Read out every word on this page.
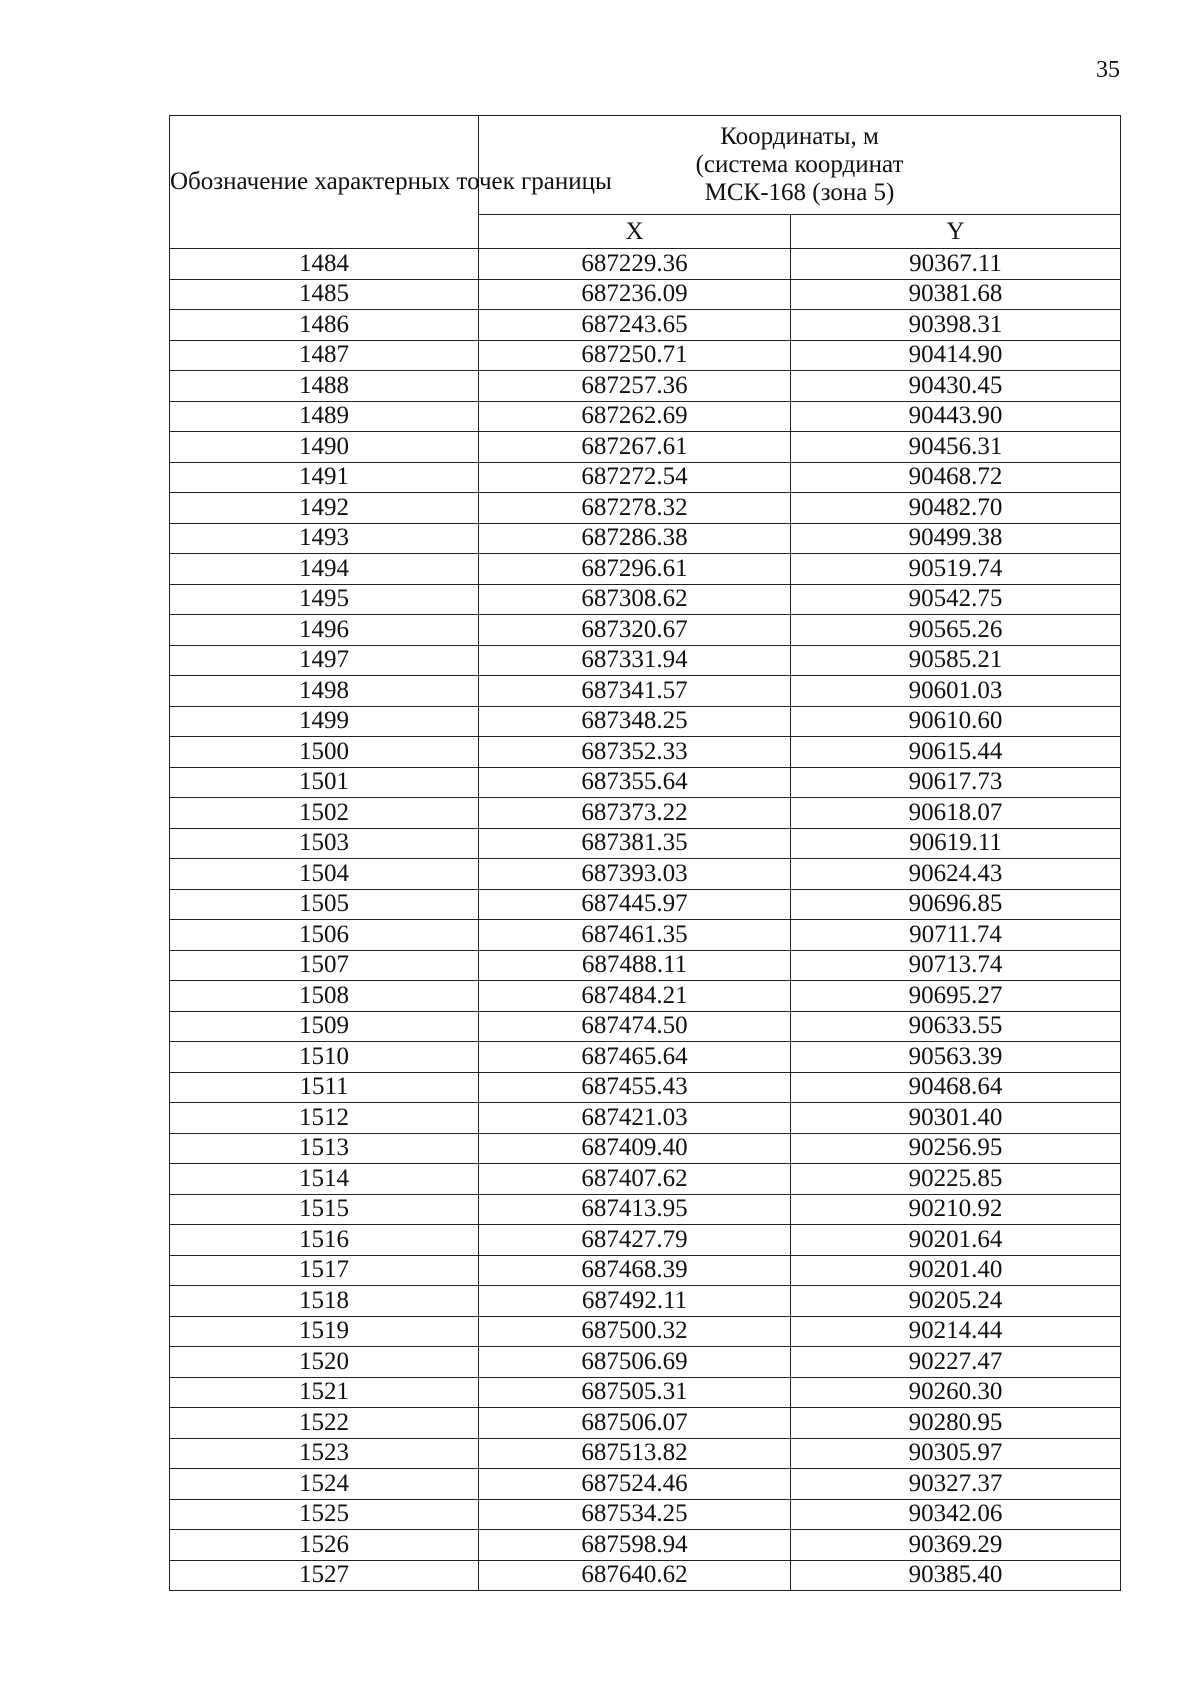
35
Обозначение характерных точек границы	Координаты, м
(система координат
МСК-168 (зона 5)	

	X	Y
1484	687229.36	90367.11
1485	687236.09	90381.68
1486	687243.65	90398.31
1487	687250.71	90414.90
1488	687257.36	90430.45
1489	687262.69	90443.90
1490	687267.61	90456.31
1491	687272.54	90468.72
1492	687278.32	90482.70
1493	687286.38	90499.38
1494	687296.61	90519.74
1495	687308.62	90542.75
1496	687320.67	90565.26
1497	687331.94	90585.21
1498	687341.57	90601.03
1499	687348.25	90610.60
1500	687352.33	90615.44
1501	687355.64	90617.73
1502	687373.22	90618.07
1503	687381.35	90619.11
1504	687393.03	90624.43
1505	687445.97	90696.85
1506	687461.35	90711.74
1507	687488.11	90713.74
1508	687484.21	90695.27
1509	687474.50	90633.55
1510	687465.64	90563.39
1511	687455.43	90468.64
1512	687421.03	90301.40
1513	687409.40	90256.95
1514	687407.62	90225.85
1515	687413.95	90210.92
1516	687427.79	90201.64
1517	687468.39	90201.40
1518	687492.11	90205.24
1519	687500.32	90214.44
1520	687506.69	90227.47
1521	687505.31	90260.30
1522	687506.07	90280.95
1523	687513.82	90305.97
1524	687524.46	90327.37
1525	687534.25	90342.06
1526	687598.94	90369.29
1527	687640.62	90385.40
